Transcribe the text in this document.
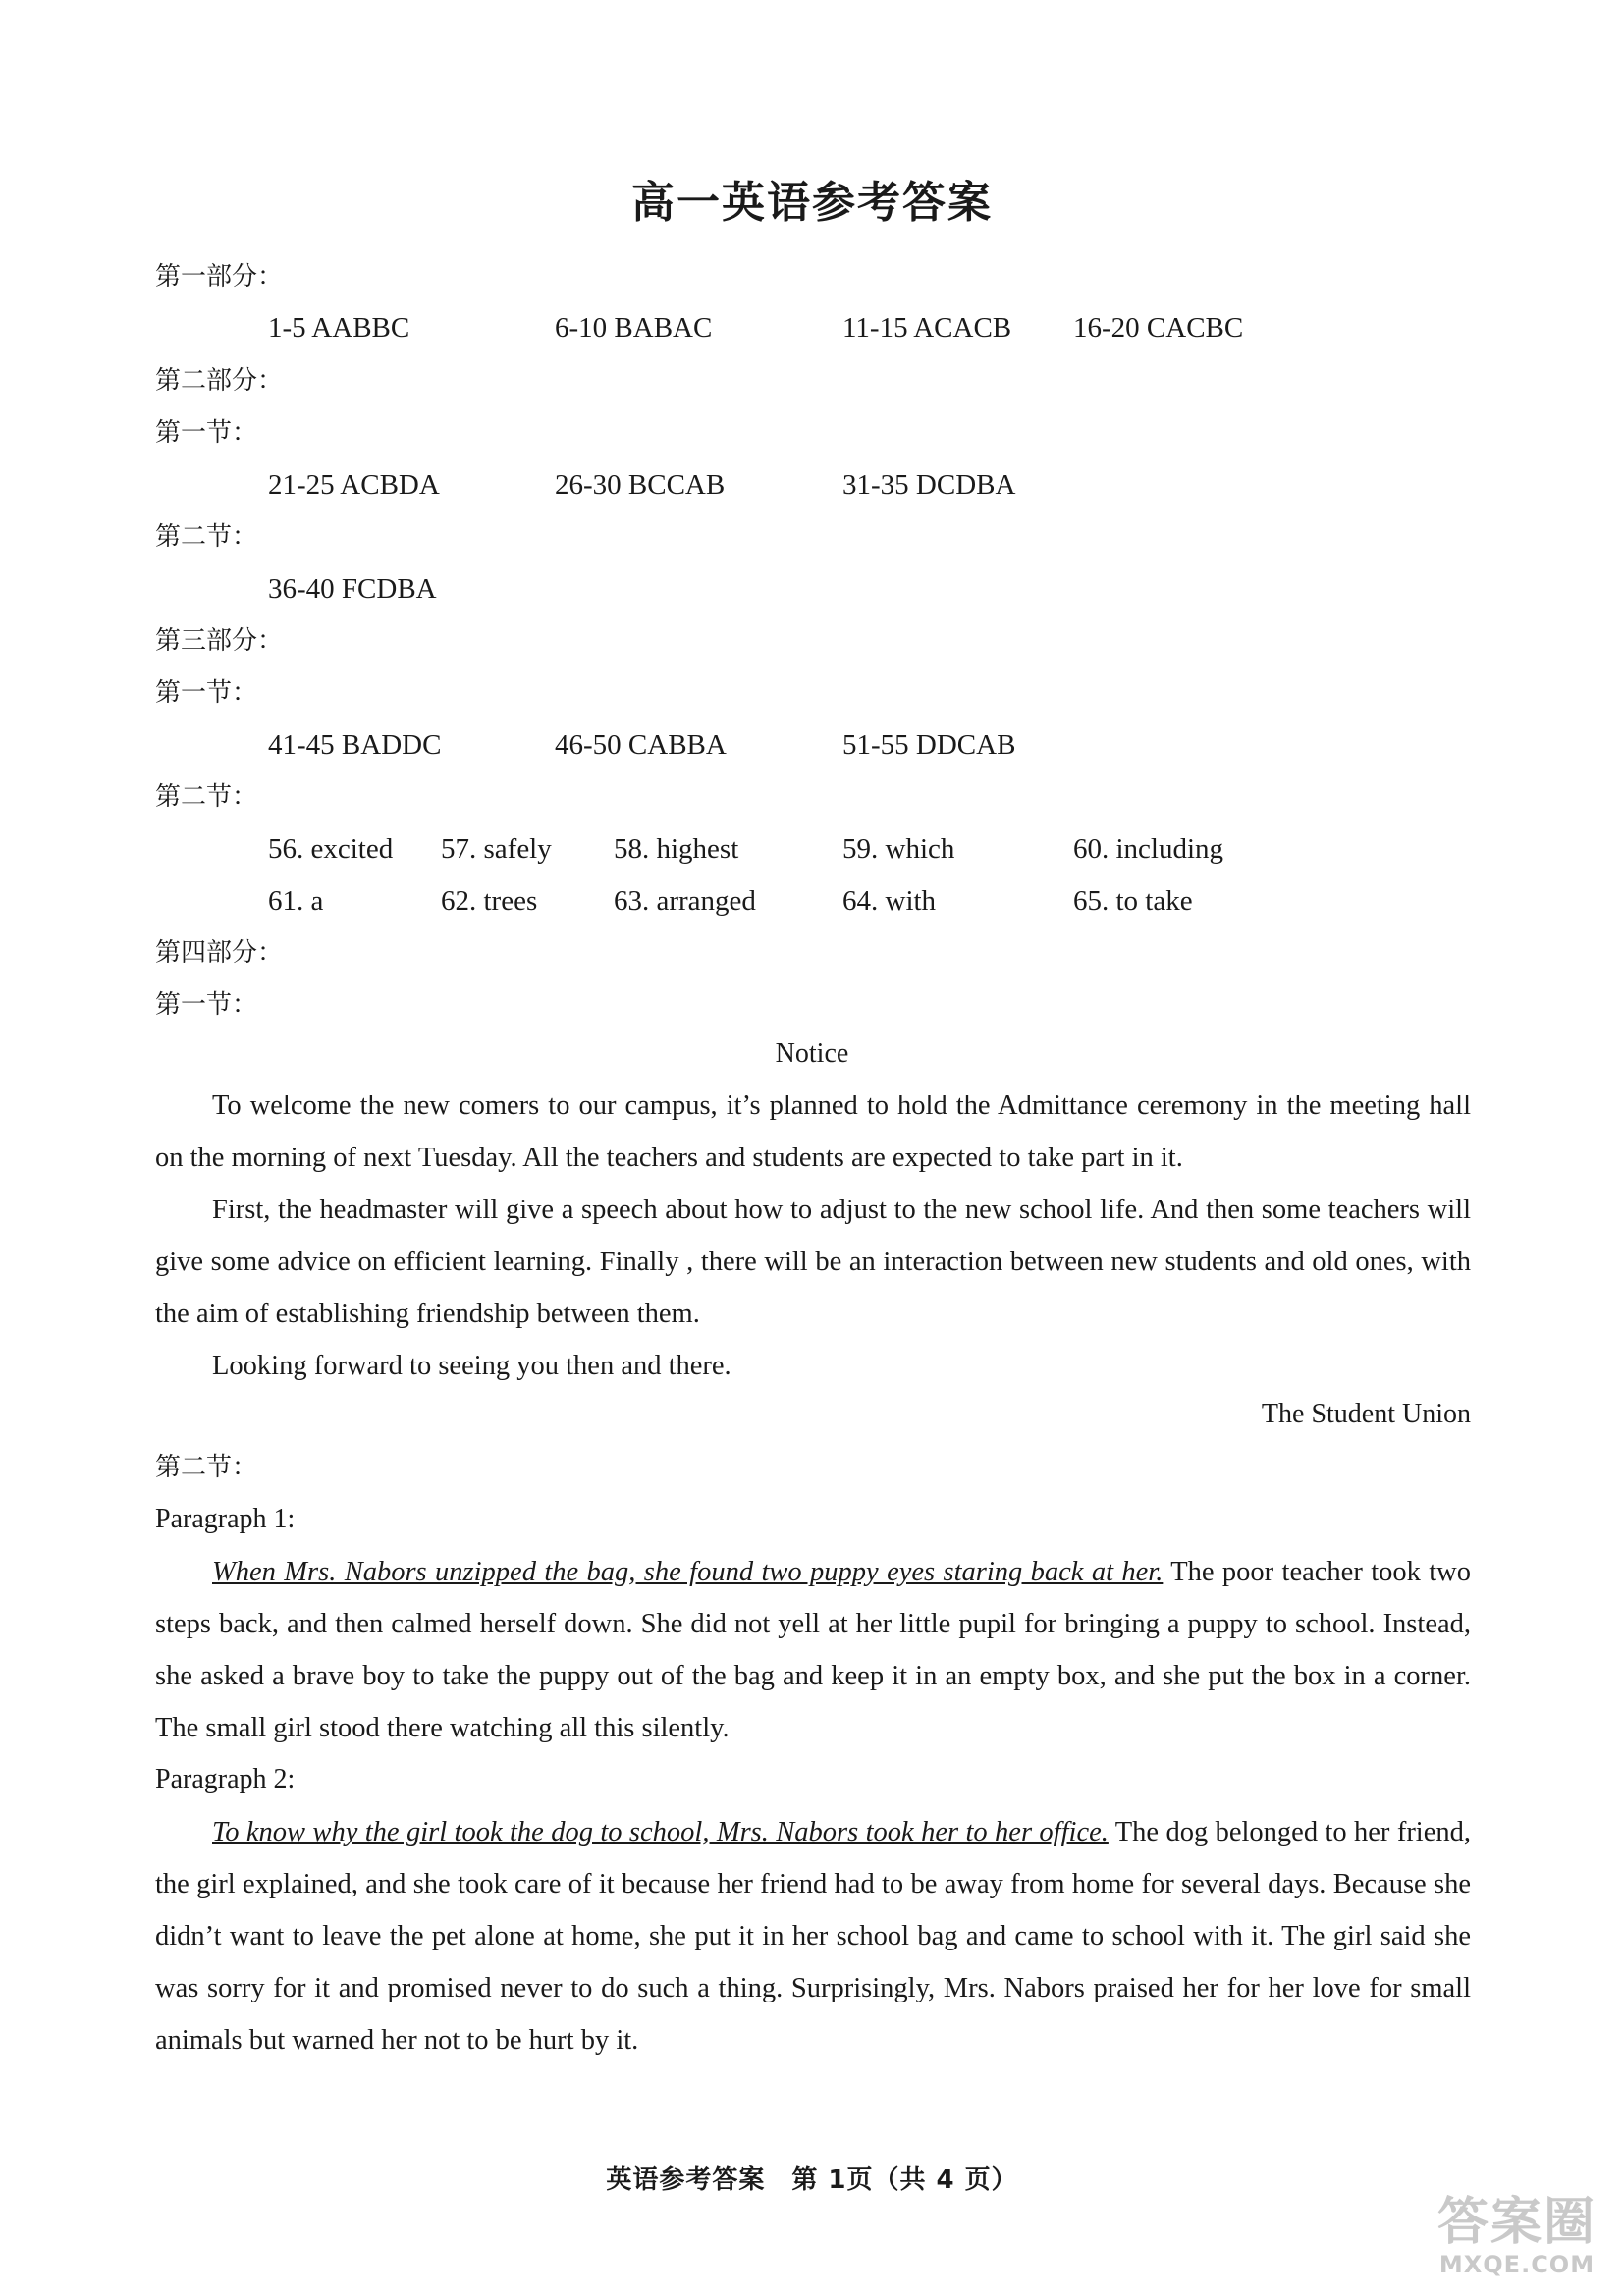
高一英语参考答案
第一部分：
1-5 AABBC	6-10 BABAC	11-15 ACACB 16-20 CACBC
第二部分：
第一节：
21-25 ACBDA	26-30 BCCAB	31-35 DCDBA
第二节：
36-40 FCDBA
第三部分：
第一节：
41-45 BADDC	46-50 CABBA	51-55 DDCAB
第二节：
56. excited 57. safely 58. highest	59. which	60. including
61. a	62. trees	63. arranged	64. with	65. to take
第四部分：
第一节：
Notice
To welcome the new comers to our campus, it’s planned to hold the Admittance ceremony in the meeting hall on the morning of next Tuesday. All the teachers and students are expected to take part in it.
First, the headmaster will give a speech about how to adjust to the new school life. And then some teachers will give some advice on efficient learning. Finally , there will be an interaction between new students and old ones, with the aim of establishing friendship between them.
Looking forward to seeing you then and there.
The Student Union
第二节：
Paragraph 1:
When Mrs. Nabors unzipped the bag, she found two puppy eyes staring back at her. The poor teacher took two steps back, and then calmed herself down. She did not yell at her little pupil for bringing a puppy to school. Instead, she asked a brave boy to take the puppy out of the bag and keep it in an empty box, and she put the box in a corner. The small girl stood there watching all this silently.
Paragraph 2:
To know why the girl took the dog to school, Mrs. Nabors took her to her office. The dog belonged to her friend, the girl explained, and she took care of it because her friend had to be away from home for several days. Because she didn’t want to leave the pet alone at home, she put it in her school bag and came to school with it. The girl said she was sorry for it and promised never to do such a thing. Surprisingly, Mrs. Nabors praised her for her love for small animals but warned her not to be hurt by it.
英语参考答案　第 1页（共 4 页）
答案圈
MXQE.COM
